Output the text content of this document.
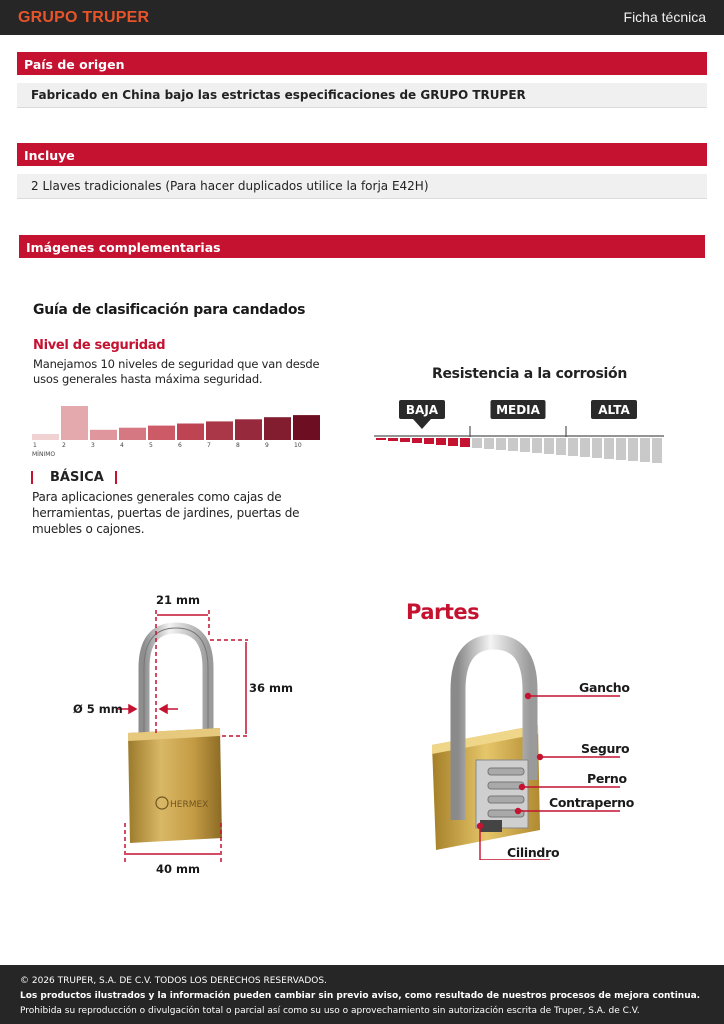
GRUPO TRUPER	Ficha técnica
País de origen
Fabricado en China bajo las estrictas especificaciones de GRUPO TRUPER
Incluye
2 Llaves tradicionales (Para hacer duplicados utilice la forja E42H)
Imágenes complementarias
Guía de clasificación para candados
Nivel de seguridad
Manejamos 10 niveles de seguridad que van desde usos generales hasta máxima seguridad.
1	2	3	4	5	6	7	8	9	10
MÍNIMO
BÁSICA
Para aplicaciones generales como cajas de herramientas, puertas de jardines, puertas de muebles o cajones.
Resistencia a la corrosión
BAJA	MEDIA	ALTA
HERMEX
21 mm
36 mm
Ø 5 mm
40 mm
Partes
Gancho
Seguro
Perno
Contraperno
Cilindro
© 2026 TRUPER, S.A. DE C.V. TODOS LOS DERECHOS RESERVADOS.
Los productos ilustrados y la información pueden cambiar sin previo aviso, como resultado de nuestros procesos de mejora continua.
Prohibida su reproducción o divulgación total o parcial así como su uso o aprovechamiento sin autorización escrita de Truper, S.A. de C.V.
